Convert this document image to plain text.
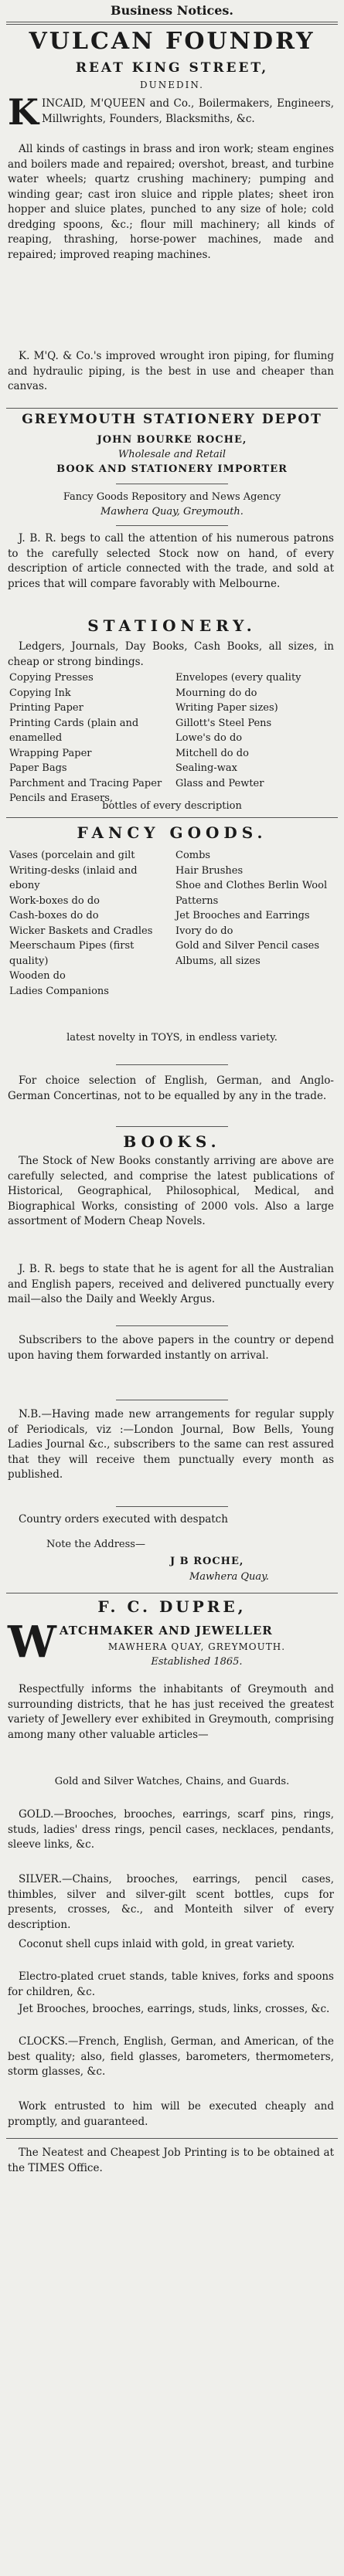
Business Notices.
VULCAN FOUNDRY
REAT KING STREET,
DUNEDIN.
K INCAID, M'QUEEN and Co., Boilermakers, Engineers, Millwrights, Founders, Blacksmiths, &c.
All kinds of castings in brass and iron work; steam engines and boilers made and repaired; overshot, breast, and turbine water wheels; quartz crushing machinery; pumping and winding gear; cast iron sluice and ripple plates; sheet iron hopper and sluice plates, punched to any size of hole; cold dredging spoons, &c.; flour mill machinery; all kinds of reaping, thrashing, horse-power machines, made and repaired; improved reaping machines.
K. M'Q. & Co.'s improved wrought iron piping, for fluming and hydraulic piping, is the best in use and cheaper than canvas.
GREYMOUTH STATIONERY DEPOT
JOHN BOURKE ROCHE,
Wholesale and Retail
BOOK AND STATIONERY IMPORTER
Fancy Goods Repository and News Agency
Mawhera Quay, Greymouth.
J. B. R. begs to call the attention of his numerous patrons to the carefully selected Stock now on hand, of every description of article connected with the trade, and sold at prices that will compare favorably with Melbourne.
STATIONERY.
Ledgers, Journals, Day Books, Cash Books, all sizes, in cheap or strong bindings.
Copying Presses
Copying Ink
Printing Paper
Printing Cards (plain and enamelled
Wrapping Paper
Paper Bags
Parchment and Tracing Paper
Pencils and Erasers,
Envelopes (every quality
Mourning do do
Writing Paper sizes)
Gillott's Steel Pens
Lowe's do do
Mitchell do do
Sealing-wax
Glass and Pewter
bottles of every description
FANCY GOODS.
Vases (porcelain and gilt
Writing-desks (inlaid and ebony
Work-boxes do do
Cash-boxes do do
Wicker Baskets and Cradles
Meerschaum Pipes (first quality)
Wooden do
Ladies Companions
Combs
Hair Brushes
Shoe and Clothes Berlin Wool
Patterns
Jet Brooches and Earrings
Ivory do do
Gold and Silver Pencil cases
Albums, all sizes
latest novelty in TOYS, in endless variety.
For choice selection of English, German, and Anglo-German Concertinas, not to be equalled by any in the trade.
BOOKS.
The Stock of New Books constantly arriving are above are carefully selected, and comprise the latest publications of Historical, Geographical, Philosophical, Medical, and Biographical Works, consisting of 2000 vols. Also a large assortment of Modern Cheap Novels.
J. B. R. begs to state that he is agent for all the Australian and English papers, received and delivered punctually every mail—also the Daily and Weekly Argus.
Subscribers to the above papers in the country or depend upon having them forwarded instantly on arrival.
N.B.—Having made new arrangements for regular supply of Periodicals, viz :—London Journal, Bow Bells, Young Ladies Journal &c., subscribers to the same can rest assured that they will receive them punctually every month as published.
Country orders executed with despatch
Note the Address—
J B ROCHE,
Mawhera Quay.
F. C. DUPRE,
W ATCHMAKER AND JEWELLER
MAWHERA QUAY, GREYMOUTH.
Established 1865.
Respectfully informs the inhabitants of Greymouth and surrounding districts, that he has just received the greatest variety of Jewellery ever exhibited in Greymouth, comprising among many other valuable articles—
Gold and Silver Watches, Chains, and Guards.
GOLD.—Brooches, brooches, earrings, scarf pins, rings, studs, ladies' dress rings, pencil cases, necklaces, pendants, sleeve links, &c.
SILVER.—Chains, brooches, earrings, pencil cases, thimbles, silver and silver-gilt scent bottles, cups for presents, crosses, &c., and Monteith silver of every description.
Coconut shell cups inlaid with gold, in great variety.
Electro-plated cruet stands, table knives, forks and spoons for children, &c.
Jet Brooches, brooches, earrings, studs, links, crosses, &c.
CLOCKS.—French, English, German, and American, of the best quality; also, field glasses, barometers, thermometers, storm glasses, &c.
Work entrusted to him will be executed cheaply and promptly, and guaranteed.
The Neatest and Cheapest Job Printing is to be obtained at the TIMES Office.
